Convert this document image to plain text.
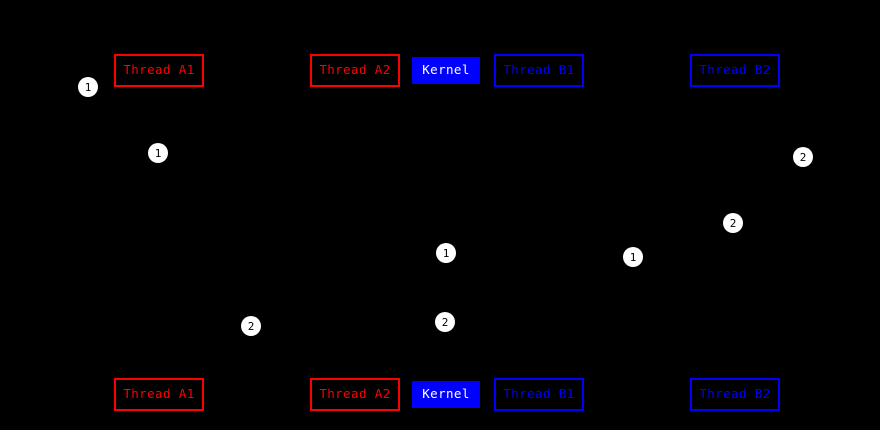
Thread A1	Thread A2	Kernel	Thread B1	Thread B2
Thread A1	Thread A2	Kernel	Thread B1	Thread B2
1
1	2
2
1	1
2	2
